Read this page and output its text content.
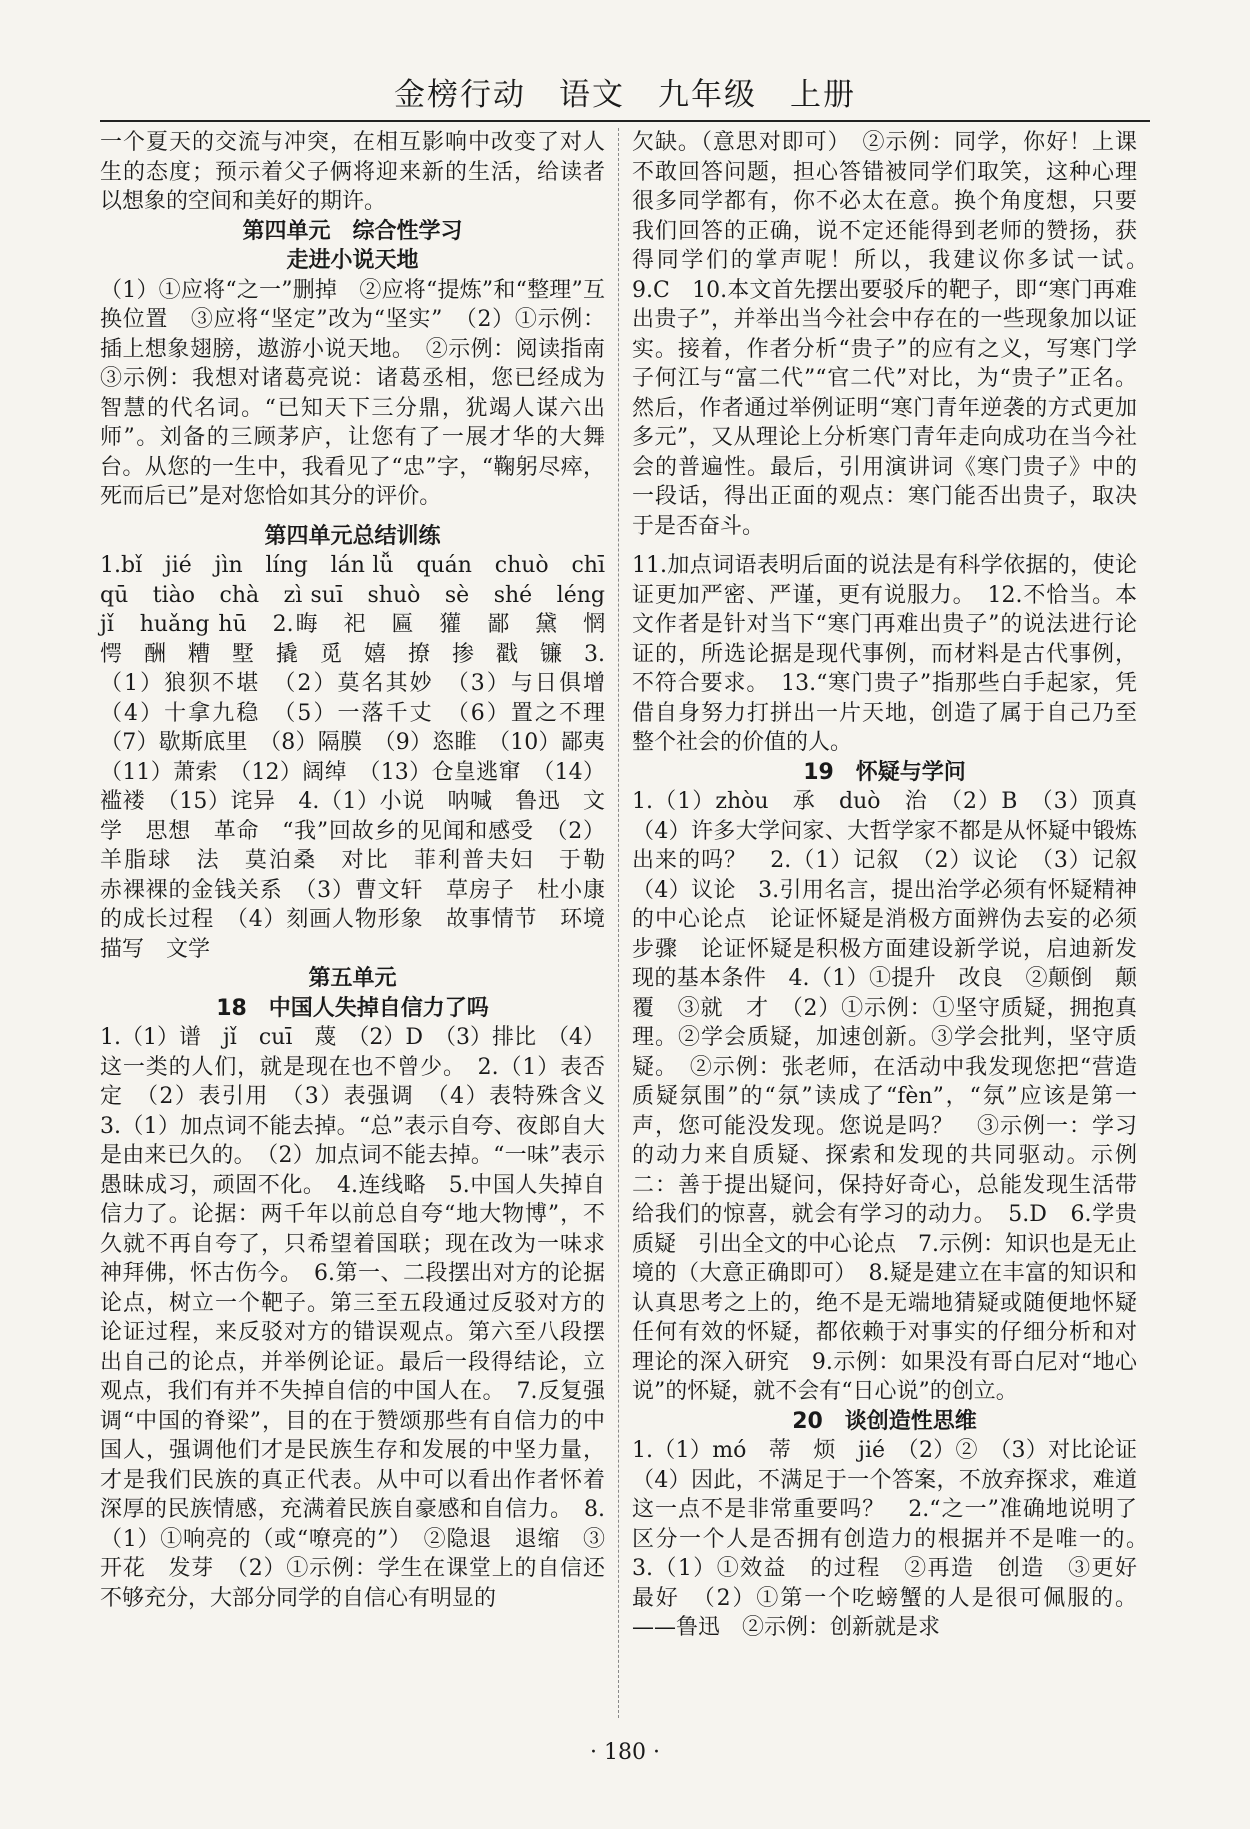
金榜行动　语文　九年级　上册

一个夏天的交流与冲突，在相互影响中改变了对人生的态度；预示着父子俩将迎来新的生活，给读者以想象的空间和美好的期许。

第四单元　综合性学习

走进小说天地

（1）①应将“之一”删掉　②应将“提炼”和“整理”互换位置　③应将“坚定”改为“坚实”　（2）①示例：插上想象翅膀，遨游小说天地。　②示例：阅读指南　③示例：我想对诸葛亮说：诸葛丞相，您已经成为智慧的代名词。“已知天下三分鼎，犹竭人谋六出师”。刘备的三顾茅庐，让您有了一展才华的大舞台。从您的一生中，我看见了“忠”字，“鞠躬尽瘁，死而后已”是对您恰如其分的评价。

第四单元总结训练

1.bǐ　jié　jìn　líng　lán lǚ　quán　chuò　chī　qū　tiào　chà　zì suī　shuò　sè　shé　léng　jǐ　huǎng hū　2.晦　祀　匾　獾　鄙　黛　惘　愕　酬　糟　墅　撬　觅　嬉　撩　掺　戳　镰　3.（1）狼狈不堪　（2）莫名其妙　（3）与日俱增　（4）十拿九稳　（5）一落千丈　（6）置之不理　（7）歇斯底里　（8）隔膜　（9）恣睢　（10）鄙夷　（11）萧索　（12）阔绰　（13）仓皇逃窜　（14）褴褛　（15）诧异　4.（1）小说　呐喊　鲁迅　文学　思想　革命　“我”回故乡的见闻和感受　（2）羊脂球　法　莫泊桑　对比　菲利普夫妇　于勒　赤裸裸的金钱关系　（3）曹文轩　草房子　杜小康的成长过程　（4）刻画人物形象　故事情节　环境描写　文学

第五单元

18　中国人失掉自信力了吗

1.（1）谱　jǐ　cuī　蔑　（2）D　（3）排比　（4）这一类的人们，就是现在也不曾少。　2.（1）表否定　（2）表引用　（3）表强调　（4）表特殊含义　3.（1）加点词不能去掉。“总”表示自夸、夜郎自大是由来已久的。　（2）加点词不能去掉。“一味”表示愚昧成习，顽固不化。　4.连线略　5.中国人失掉自信力了。论据：两千年以前总自夸“地大物博”，不久就不再自夸了，只希望着国联；现在改为一味求神拜佛，怀古伤今。　6.第一、二段摆出对方的论据论点，树立一个靶子。第三至五段通过反驳对方的论证过程，来反驳对方的错误观点。第六至八段摆出自己的论点，并举例论证。最后一段得结论，立观点，我们有并不失掉自信的中国人在。　7.反复强调“中国的脊梁”，目的在于赞颂那些有自信力的中国人，强调他们才是民族生存和发展的中坚力量，才是我们民族的真正代表。从中可以看出作者怀着深厚的民族情感，充满着民族自豪感和自信力。　8.（1）①响亮的（或“嘹亮的”）　②隐退　退缩　③开花　发芽　（2）①示例：学生在课堂上的自信还不够充分，大部分同学的自信心有明显的

欠缺。（意思对即可）　②示例：同学，你好！上课不敢回答问题，担心答错被同学们取笑，这种心理很多同学都有，你不必太在意。换个角度想，只要我们回答的正确，说不定还能得到老师的赞扬，获得同学们的掌声呢！所以，我建议你多试一试。　9.C　10.本文首先摆出要驳斥的靶子，即“寒门再难出贵子”，并举出当今社会中存在的一些现象加以证实。接着，作者分析“贵子”的应有之义，写寒门学子何江与“富二代”“官二代”对比，为“贵子”正名。然后，作者通过举例证明“寒门青年逆袭的方式更加多元”，又从理论上分析寒门青年走向成功在当今社会的普遍性。最后，引用演讲词《寒门贵子》中的一段话，得出正面的观点：寒门能否出贵子，取决于是否奋斗。

11.加点词语表明后面的说法是有科学依据的，使论证更加严密、严谨，更有说服力。　12.不恰当。本文作者是针对当下“寒门再难出贵子”的说法进行论证的，所选论据是现代事例，而材料是古代事例，不符合要求。　13.“寒门贵子”指那些白手起家，凭借自身努力打拼出一片天地，创造了属于自己乃至整个社会的价值的人。

19　怀疑与学问

1.（1）zhòu　承　duò　治　（2）B　（3）顶真　（4）许多大学问家、大哲学家不都是从怀疑中锻炼出来的吗？　2.（1）记叙　（2）议论　（3）记叙　（4）议论　3.引用名言，提出治学必须有怀疑精神的中心论点　论证怀疑是消极方面辨伪去妄的必须步骤　论证怀疑是积极方面建设新学说，启迪新发现的基本条件　4.（1）①提升　改良　②颠倒　颠覆　③就　才　（2）①示例：①坚守质疑，拥抱真理。②学会质疑，加速创新。③学会批判，坚守质疑。　②示例：张老师，在活动中我发现您把“营造质疑氛围”的“氛”读成了“fèn”，“氛”应该是第一声，您可能没发现。您说是吗？　③示例一：学习的动力来自质疑、探索和发现的共同驱动。示例二：善于提出疑问，保持好奇心，总能发现生活带给我们的惊喜，就会有学习的动力。　5.D　6.学贵质疑　引出全文的中心论点　7.示例：知识也是无止境的（大意正确即可）　8.疑是建立在丰富的知识和认真思考之上的，绝不是无端地猜疑或随便地怀疑　任何有效的怀疑，都依赖于对事实的仔细分析和对理论的深入研究　9.示例：如果没有哥白尼对“地心说”的怀疑，就不会有“日心说”的创立。

20　谈创造性思维

1.（1）mó　蒂　烦　jié　（2）②　（3）对比论证　（4）因此，不满足于一个答案，不放弃探求，难道这一点不是非常重要吗？　2.“之一”准确地说明了区分一个人是否拥有创造力的根据并不是唯一的。　3.（1）①效益　的过程　②再造　创造　③更好　最好　（2）①第一个吃螃蟹的人是很可佩服的。——鲁迅　②示例：创新就是求

· 180 ·
